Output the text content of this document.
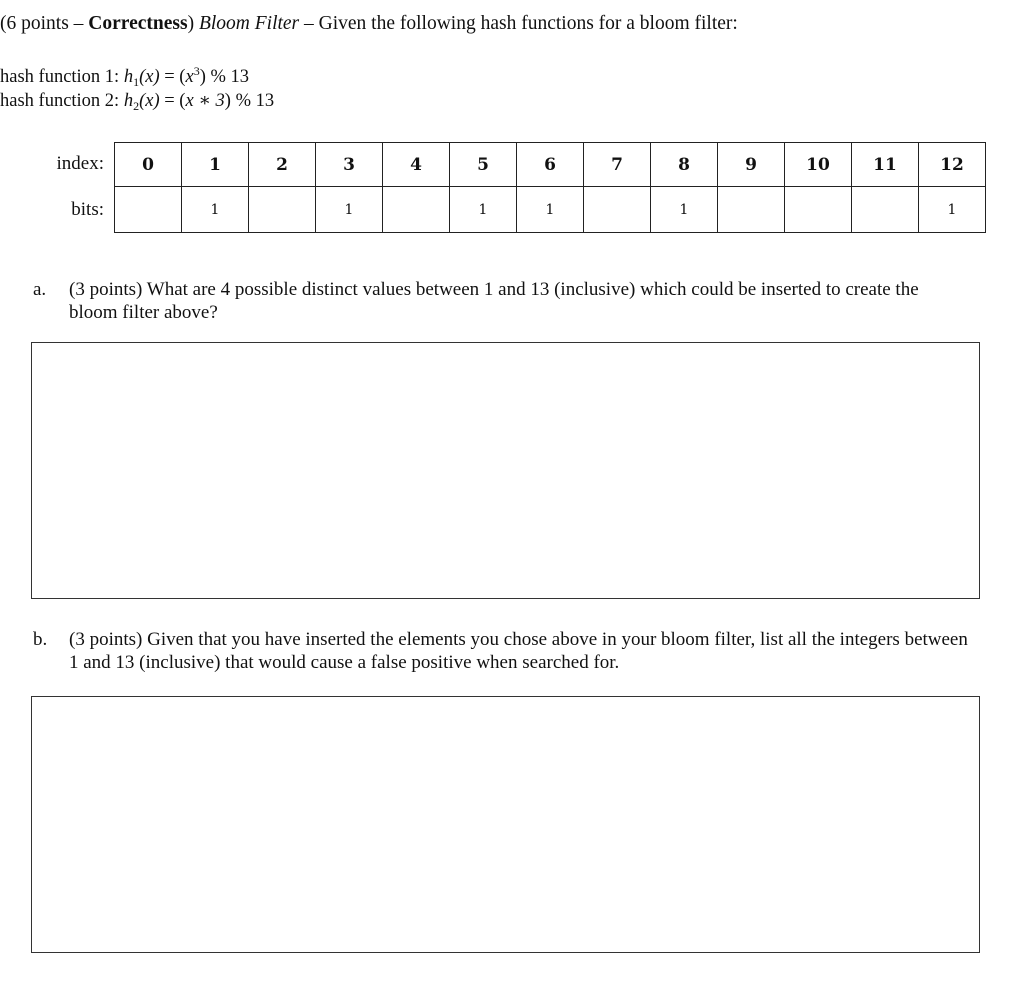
(6 points – Correctness) Bloom Filter – Given the following hash functions for a bloom filter:
hash function 1: $h_1(x) = (x^3)$ % 13
hash function 2: $h_2(x) = (x$ ∗ 3) % 13
index:
bits:
0	1	2	3	4	5	6	7	8	9	10	11	12
	1		1		1	1		1				1
a. (3 points) What are 4 possible distinct values between 1 and 13 (inclusive) which could be inserted to create the bloom filter above?
b. (3 points) Given that you have inserted the elements you chose above in your bloom filter, list all the integers between 1 and 13 (inclusive) that would cause a false positive when searched for.
